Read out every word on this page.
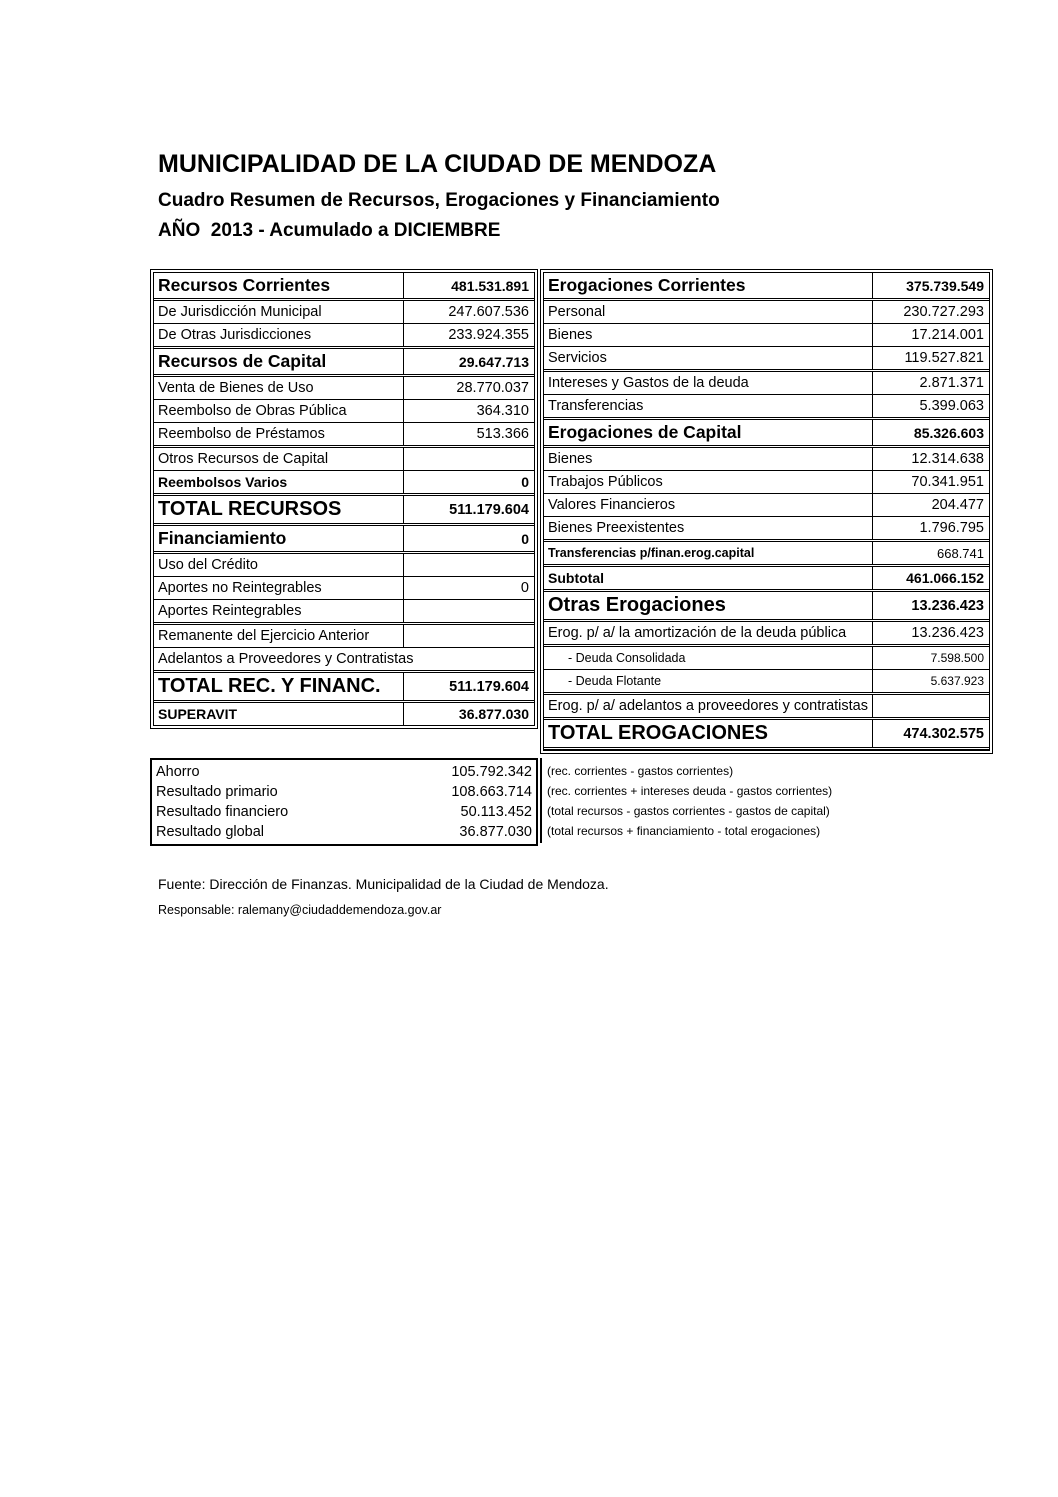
MUNICIPALIDAD DE LA CIUDAD DE MENDOZA
Cuadro Resumen de Recursos, Erogaciones y Financiamiento
AÑO  2013 - Acumulado a DICIEMBRE
Recursos Corrientes	481.531.891
De Jurisdicción Municipal	247.607.536
De Otras Jurisdicciones	233.924.355
Recursos de Capital	29.647.713
Venta de Bienes de Uso	28.770.037
Reembolso de Obras Pública	364.310
Reembolso de Préstamos	513.366
Otros Recursos de Capital
Reembolsos Varios	0
TOTAL RECURSOS	511.179.604
Financiamiento	0
Uso del Crédito
Aportes no Reintegrables	0
Aportes Reintegrables
Remanente del Ejercicio Anterior
Adelantos a Proveedores y Contratistas
TOTAL REC. Y FINANC.	511.179.604
SUPERAVIT	36.877.030
Erogaciones Corrientes	375.739.549
Personal	230.727.293
Bienes	17.214.001
Servicios	119.527.821
Intereses y Gastos de la deuda	2.871.371
Transferencias	5.399.063
Erogaciones de Capital	85.326.603
Bienes	12.314.638
Trabajos Públicos	70.341.951
Valores Financieros	204.477
Bienes Preexistentes	1.796.795
Transferencias p/finan.erog.capital	668.741
Subtotal	461.066.152
Otras Erogaciones	13.236.423
Erog. p/ a/ la amortización de la deuda pública	13.236.423
- Deuda Consolidada	7.598.500
- Deuda Flotante	5.637.923
Erog. p/ a/ adelantos a proveedores y contratistas
TOTAL EROGACIONES	474.302.575
Ahorro	105.792.342
Resultado primario	108.663.714
Resultado financiero	50.113.452
Resultado global	36.877.030
(rec. corrientes - gastos corrientes)
(rec. corrientes + intereses deuda - gastos corrientes)
(total recursos - gastos corrientes - gastos de capital)
(total recursos + financiamiento - total erogaciones)

Fuente: Dirección de Finanzas. Municipalidad de la Ciudad de Mendoza.

Responsable: ralemany@ciudaddemendoza.gov.ar
